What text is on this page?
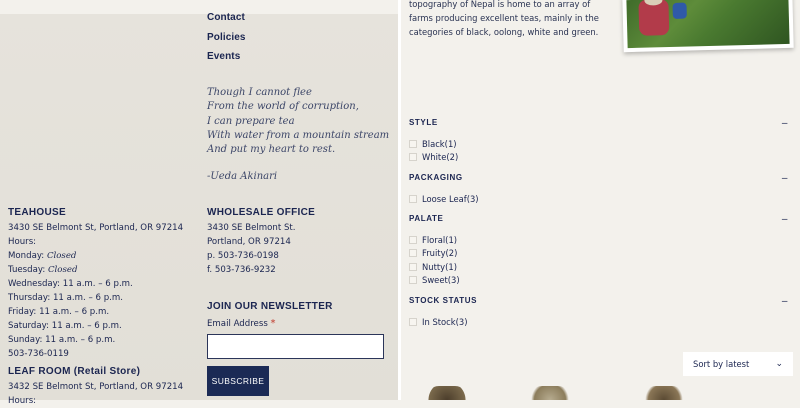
Contact
Policies
Events
Though I cannot flee
From the world of corruption,
I can prepare tea
With water from a mountain stream
And put my heart to rest.
-Ueda Akinari
TEAHOUSE
3430 SE Belmont St, Portland, OR 97214
Hours:
Monday: Closed
Tuesday: Closed
Wednesday: 11 a.m. – 6 p.m.
Thursday: 11 a.m. – 6 p.m.
Friday: 11 a.m. – 6 p.m.
Saturday: 11 a.m. – 6 p.m.
Sunday: 11 a.m. – 6 p.m.
503-736-0119
LEAF ROOM (Retail Store)
3432 SE Belmont St, Portland, OR 97214
Hours:
WHOLESALE OFFICE

3430 SE Belmont St.

Portland, OR 97214

p. 503-736-0198

f. 503-736-9232

JOIN OUR NEWSLETTER
Email Address *
SUBSCRIBE
topography of Nepal is home to an array of farms producing excellent teas, mainly in the categories of black, oolong, white and green.
STYLE	–
Black (1)
White (2)
PACKAGING	–
Loose Leaf (3)
PALATE	–
Floral (1)
Fruity (2)
Nutty (1)
Sweet (3)
STOCK STATUS	–
In Stock (3)
Sort by latest	⌄
